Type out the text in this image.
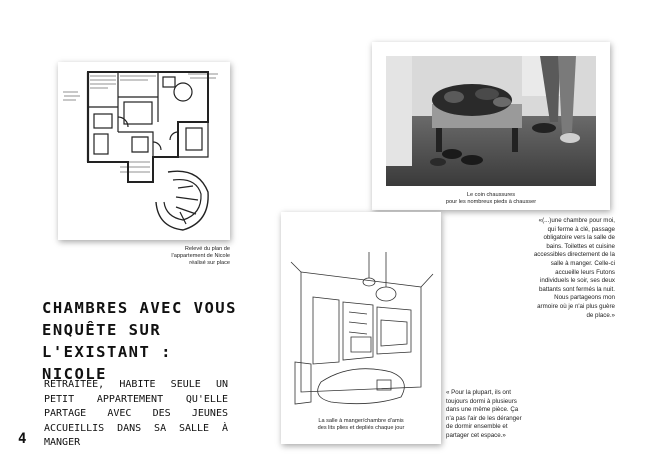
Relevé du plan de l'appartement de Nicole réalisé sur place
Le coin chaussures
pour les nombreux pieds à chausser
La salle à manger/chambre d'amis
des lits plies et depliés chaque jour
«(...)une chambre pour moi, qui ferme à clé, passage obligatoire vers la salle de bains. Toilettes et cuisine accessibles directement de la salle à manger. Celle-ci accueille leurs Futons individuels le soir, ses deux battants sont fermés la nuit. Nous partageons mon armoire où je n'ai plus guère de place.»
« Pour la plupart, ils ont toujours dormi à plusieurs dans une même pièce. Ça n'a pas l'air de les déranger de dormir ensemble et partager cet espace.»
CHAMBRES AVEC VOUS
ENQUÊTE SUR
L'EXISTANT : NICOLE
RETRAITÉE, HABITE SEULE UN PETIT APPARTEMENT QU'ELLE PARTAGE AVEC DES JEUNES ACCUEILLIS DANS SA SALLE À MANGER
4
